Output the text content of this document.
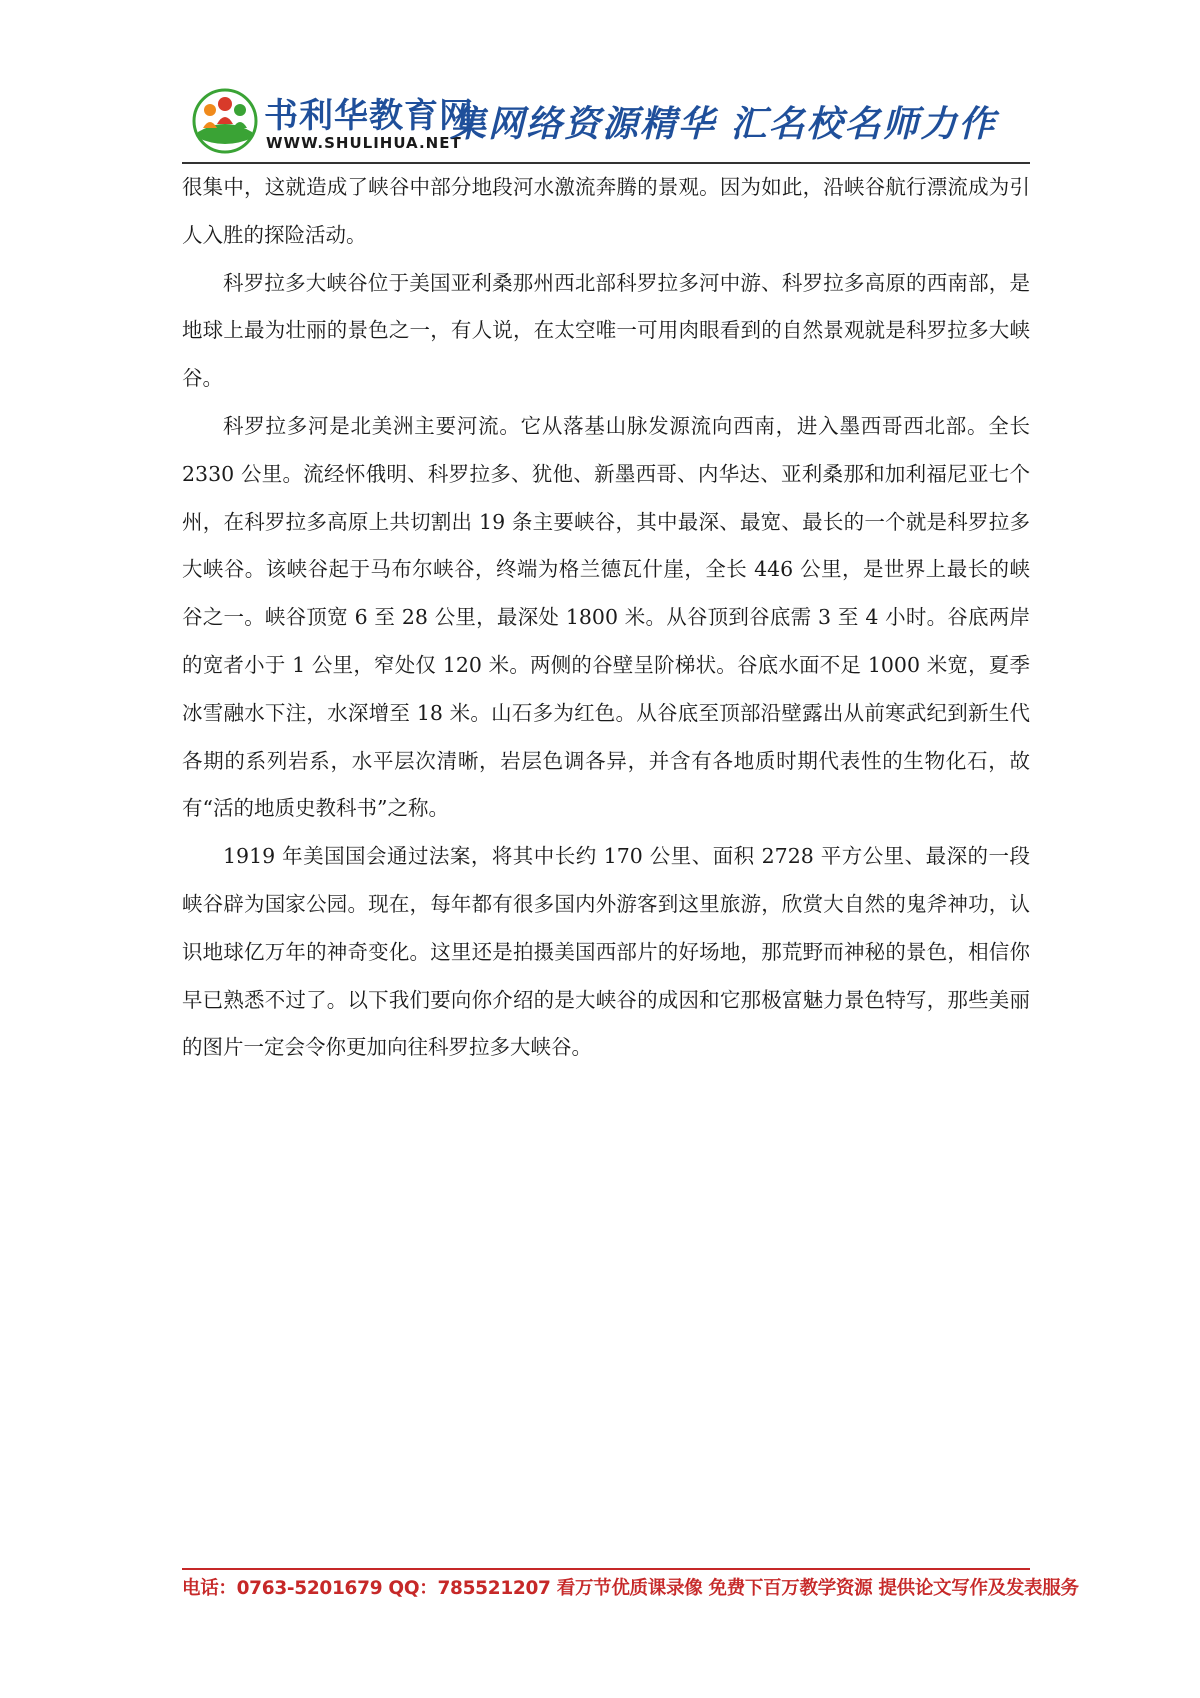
书利华教育网
WWW.SHULIHUA.NET
集网络资源精华 汇名校名师力作

很集中，这就造成了峡谷中部分地段河水激流奔腾的景观。因为如此，沿峡谷航行漂流成为引人入胜的探险活动。

科罗拉多大峡谷位于美国亚利桑那州西北部科罗拉多河中游、科罗拉多高原的西南部，是地球上最为壮丽的景色之一，有人说，在太空唯一可用肉眼看到的自然景观就是科罗拉多大峡谷。

科罗拉多河是北美洲主要河流。它从落基山脉发源流向西南，进入墨西哥西北部。全长 2330 公里。流经怀俄明、科罗拉多、犹他、新墨西哥、内华达、亚利桑那和加利福尼亚七个州，在科罗拉多高原上共切割出 19 条主要峡谷，其中最深、最宽、最长的一个就是科罗拉多大峡谷。该峡谷起于马布尔峡谷，终端为格兰德瓦什崖，全长 446 公里，是世界上最长的峡谷之一。峡谷顶宽 6 至 28 公里，最深处 1800 米。从谷顶到谷底需 3 至 4 小时。谷底两岸的宽者小于 1 公里，窄处仅 120 米。两侧的谷壁呈阶梯状。谷底水面不足 1000 米宽，夏季冰雪融水下注，水深增至 18 米。山石多为红色。从谷底至顶部沿壁露出从前寒武纪到新生代各期的系列岩系，水平层次清晰，岩层色调各异，并含有各地质时期代表性的生物化石，故有“活的地质史教科书”之称。

1919 年美国国会通过法案，将其中长约 170 公里、面积 2728 平方公里、最深的一段峡谷辟为国家公园。现在，每年都有很多国内外游客到这里旅游，欣赏大自然的鬼斧神功，认识地球亿万年的神奇变化。这里还是拍摄美国西部片的好场地，那荒野而神秘的景色，相信你早已熟悉不过了。以下我们要向你介绍的是大峡谷的成因和它那极富魅力景色特写，那些美丽的图片一定会令你更加向往科罗拉多大峡谷。

电话：0763-5201679 QQ：785521207 看万节优质课录像 免费下百万教学资源 提供论文写作及发表服务
